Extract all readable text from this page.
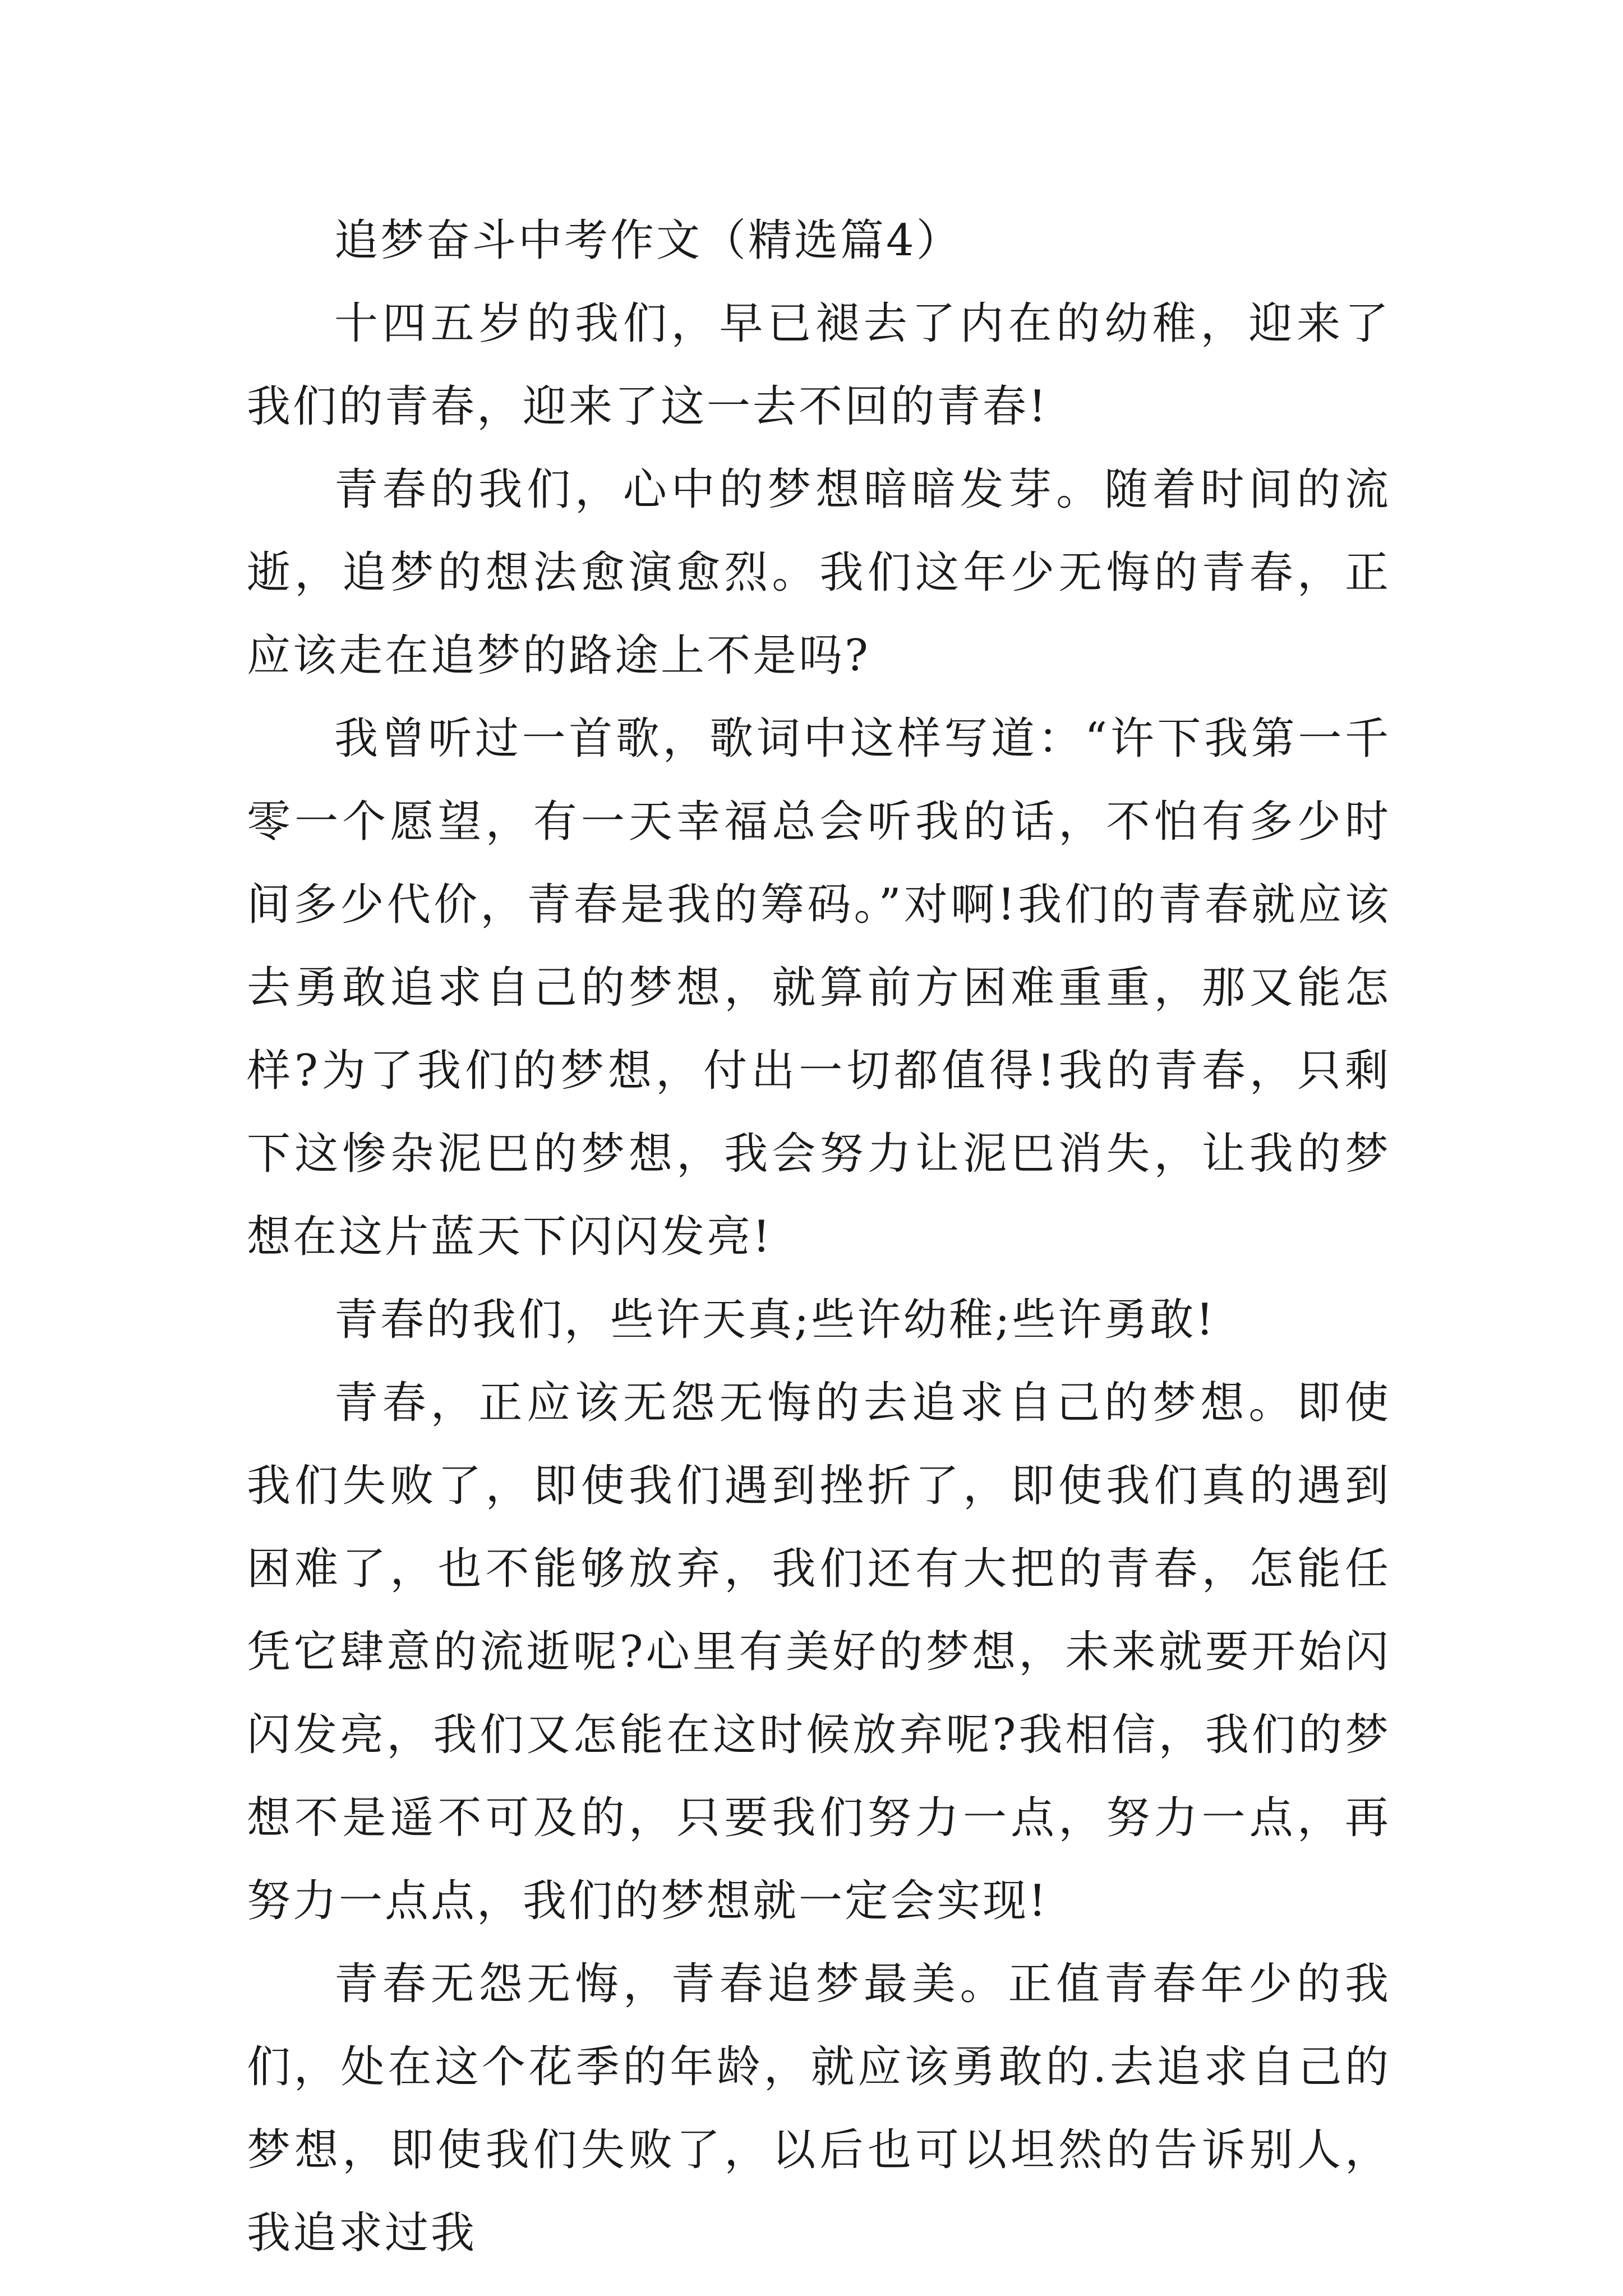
追梦奋斗中考作文（精选篇4）

十四五岁的我们，早已褪去了内在的幼稚，迎来了我们的青春，迎来了这一去不回的青春!

青春的我们，心中的梦想暗暗发芽。随着时间的流逝，追梦的想法愈演愈烈。我们这年少无悔的青春，正应该走在追梦的路途上不是吗?

我曾听过一首歌，歌词中这样写道：“许下我第一千零一个愿望，有一天幸福总会听我的话，不怕有多少时间多少代价，青春是我的筹码。”对啊!我们的青春就应该去勇敢追求自己的梦想，就算前方困难重重，那又能怎样?为了我们的梦想，付出一切都值得!我的青春，只剩下这惨杂泥巴的梦想，我会努力让泥巴消失，让我的梦想在这片蓝天下闪闪发亮!

青春的我们，些许天真;些许幼稚;些许勇敢!

青春，正应该无怨无悔的去追求自己的梦想。即使我们失败了，即使我们遇到挫折了，即使我们真的遇到困难了，也不能够放弃，我们还有大把的青春，怎能任凭它肆意的流逝呢?心里有美好的梦想，未来就要开始闪闪发亮，我们又怎能在这时候放弃呢?我相信，我们的梦想不是遥不可及的，只要我们努力一点，努力一点，再努力一点点，我们的梦想就一定会实现!

青春无怨无悔，青春追梦最美。正值青春年少的我们，处在这个花季的年龄，就应该勇敢的.去追求自己的梦想，即使我们失败了，以后也可以坦然的告诉别人，我追求过我
